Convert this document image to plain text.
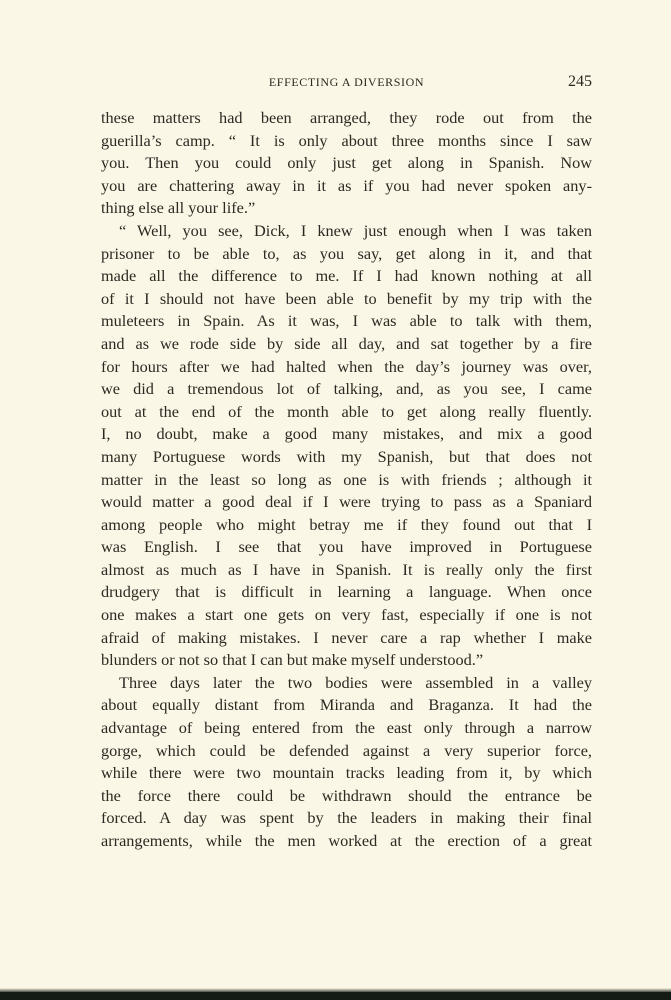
EFFECTING A DIVERSION	245

these matters had been arranged, they rode out from the

guerilla’s camp. “ It is only about three months since I saw

you. Then you could only just get along in Spanish. Now

you are chattering away in it as if you had never spoken any-

thing else all your life.”

“ Well, you see, Dick, I knew just enough when I was taken

prisoner to be able to, as you say, get along in it, and that

made all the difference to me. If I had known nothing at all

of it I should not have been able to benefit by my trip with the

muleteers in Spain. As it was, I was able to talk with them,

and as we rode side by side all day, and sat together by a fire

for hours after we had halted when the day’s journey was over,

we did a tremendous lot of talking, and, as you see, I came

out at the end of the month able to get along really fluently.

I, no doubt, make a good many mistakes, and mix a good

many Portuguese words with my Spanish, but that does not

matter in the least so long as one is with friends ; although it

would matter a good deal if I were trying to pass as a Spaniard

among people who might betray me if they found out that I

was English. I see that you have improved in Portuguese

almost as much as I have in Spanish. It is really only the first

drudgery that is difficult in learning a language. When once

one makes a start one gets on very fast, especially if one is not

afraid of making mistakes. I never care a rap whether I make

blunders or not so that I can but make myself understood.”

Three days later the two bodies were assembled in a valley

about equally distant from Miranda and Braganza. It had the

advantage of being entered from the east only through a narrow

gorge, which could be defended against a very superior force,

while there were two mountain tracks leading from it, by which

the force there could be withdrawn should the entrance be

forced. A day was spent by the leaders in making their final

arrangements, while the men worked at the erection of a great
